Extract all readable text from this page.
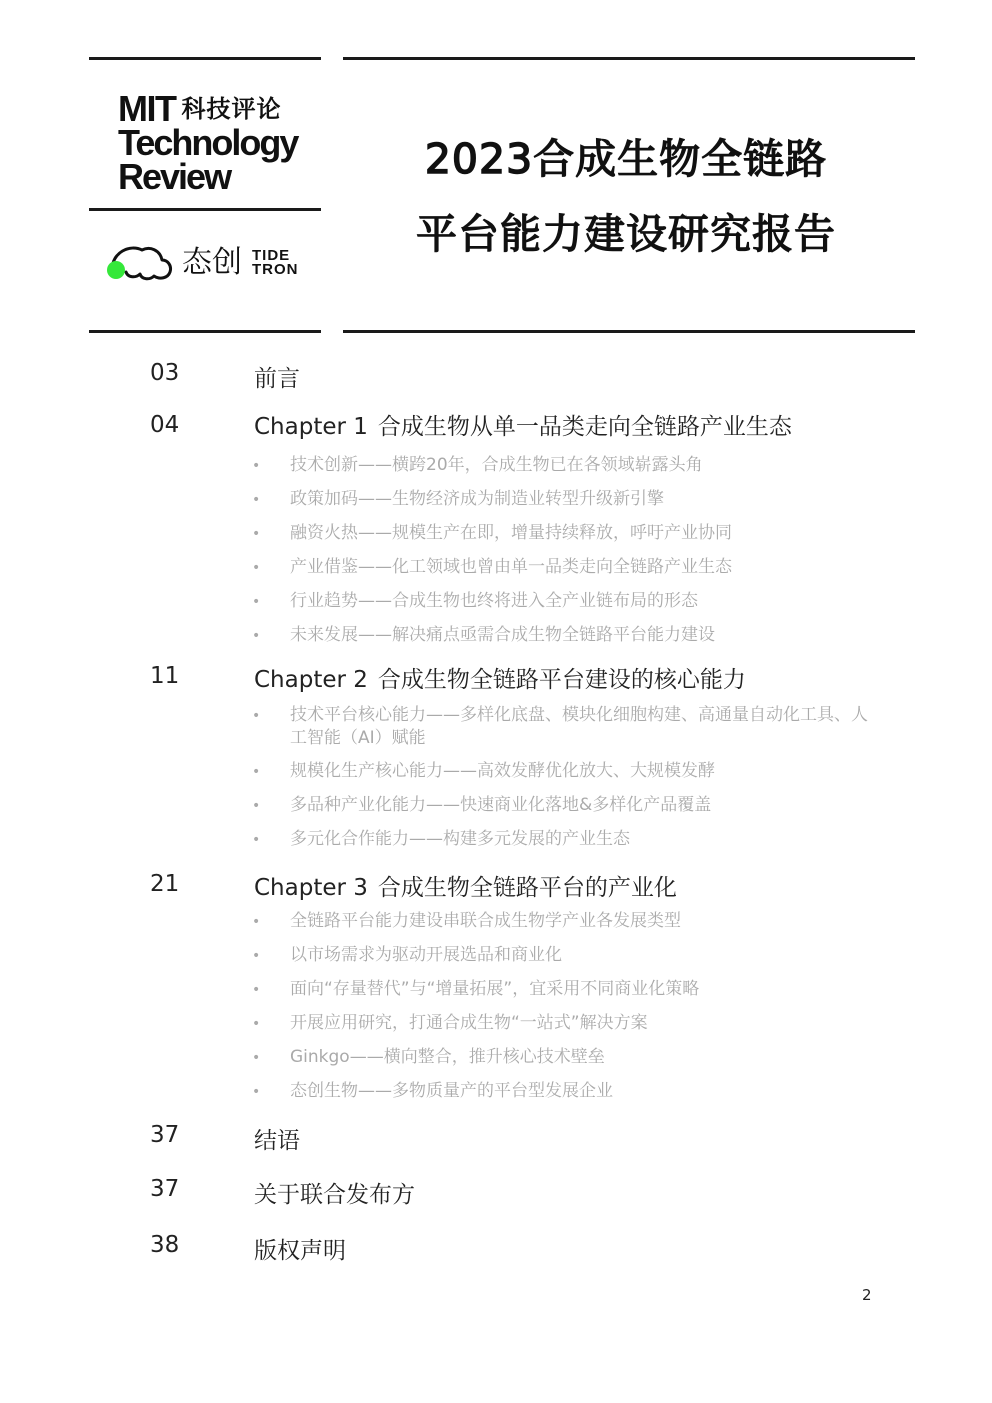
MIT 科技评论
Technology
Review
态创 TIDE
TRON
2023合成生物全链路
平台能力建设研究报告
03	前言
04	Chapter 1 合成生物从单一品类走向全链路产业生态
• 技术创新——横跨20年，合成生物已在各领域崭露头角
• 政策加码——生物经济成为制造业转型升级新引擎
• 融资火热——规模生产在即，增量持续释放，呼吁产业协同
• 产业借鉴——化工领域也曾由单一品类走向全链路产业生态
• 行业趋势——合成生物也终将进入全产业链布局的形态
• 未来发展——解决痛点亟需合成生物全链路平台能力建设
11	Chapter 2 合成生物全链路平台建设的核心能力
• 技术平台核心能力——多样化底盘、模块化细胞构建、高通量自动化工具、人工智能（AI）赋能
• 规模化生产核心能力——高效发酵优化放大、大规模发酵
• 多品种产业化能力——快速商业化落地&多样化产品覆盖
• 多元化合作能力——构建多元发展的产业生态
21	Chapter 3 合成生物全链路平台的产业化
• 全链路平台能力建设串联合成生物学产业各发展类型
• 以市场需求为驱动开展选品和商业化
• 面向“存量替代”与“增量拓展”，宜采用不同商业化策略
• 开展应用研究，打通合成生物“一站式”解决方案
• Ginkgo——横向整合，推升核心技术壁垒
• 态创生物——多物质量产的平台型发展企业
37	结语
37	关于联合发布方
38	版权声明
2
